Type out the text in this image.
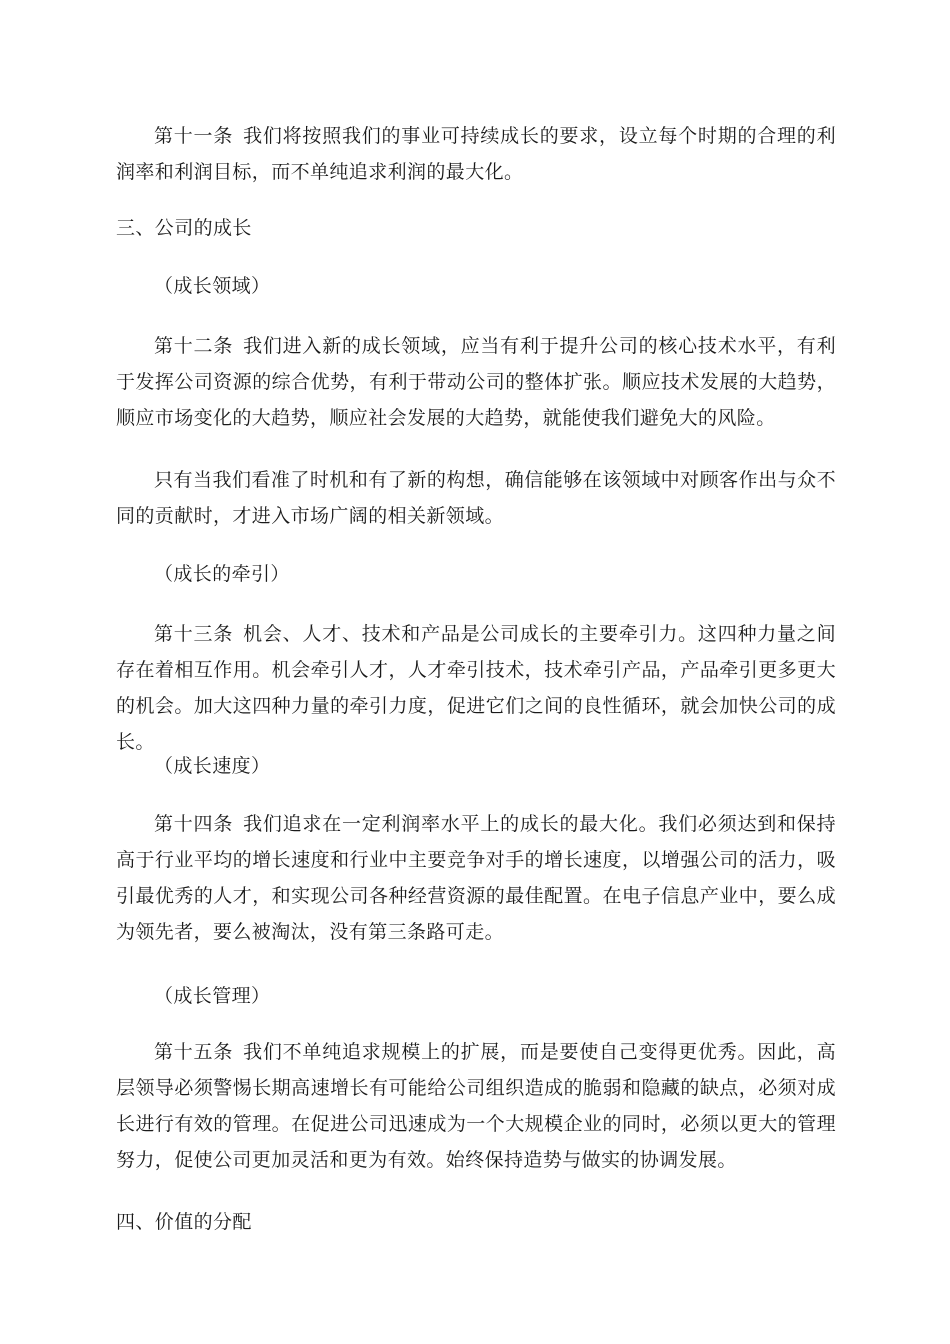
第十一条 我们将按照我们的事业可持续成长的要求，设立每个时期的合理的利润率和利润目标，而不单纯追求利润的最大化。

三、公司的成长

（成长领域）

第十二条 我们进入新的成长领域，应当有利于提升公司的核心技术水平，有利于发挥公司资源的综合优势，有利于带动公司的整体扩张。顺应技术发展的大趋势，顺应市场变化的大趋势，顺应社会发展的大趋势，就能使我们避免大的风险。

只有当我们看准了时机和有了新的构想，确信能够在该领域中对顾客作出与众不同的贡献时，才进入市场广阔的相关新领域。

（成长的牵引）

第十三条 机会、人才、技术和产品是公司成长的主要牵引力。这四种力量之间存在着相互作用。机会牵引人才，人才牵引技术，技术牵引产品，产品牵引更多更大的机会。加大这四种力量的牵引力度，促进它们之间的良性循环，就会加快公司的成长。

（成长速度）

第十四条 我们追求在一定利润率水平上的成长的最大化。我们必须达到和保持高于行业平均的增长速度和行业中主要竞争对手的增长速度，以增强公司的活力，吸引最优秀的人才，和实现公司各种经营资源的最佳配置。在电子信息产业中，要么成为领先者，要么被淘汰，没有第三条路可走。

（成长管理）

第十五条 我们不单纯追求规模上的扩展，而是要使自己变得更优秀。因此，高层领导必须警惕长期高速增长有可能给公司组织造成的脆弱和隐藏的缺点，必须对成长进行有效的管理。在促进公司迅速成为一个大规模企业的同时，必须以更大的管理努力，促使公司更加灵活和更为有效。始终保持造势与做实的协调发展。

四、价值的分配
